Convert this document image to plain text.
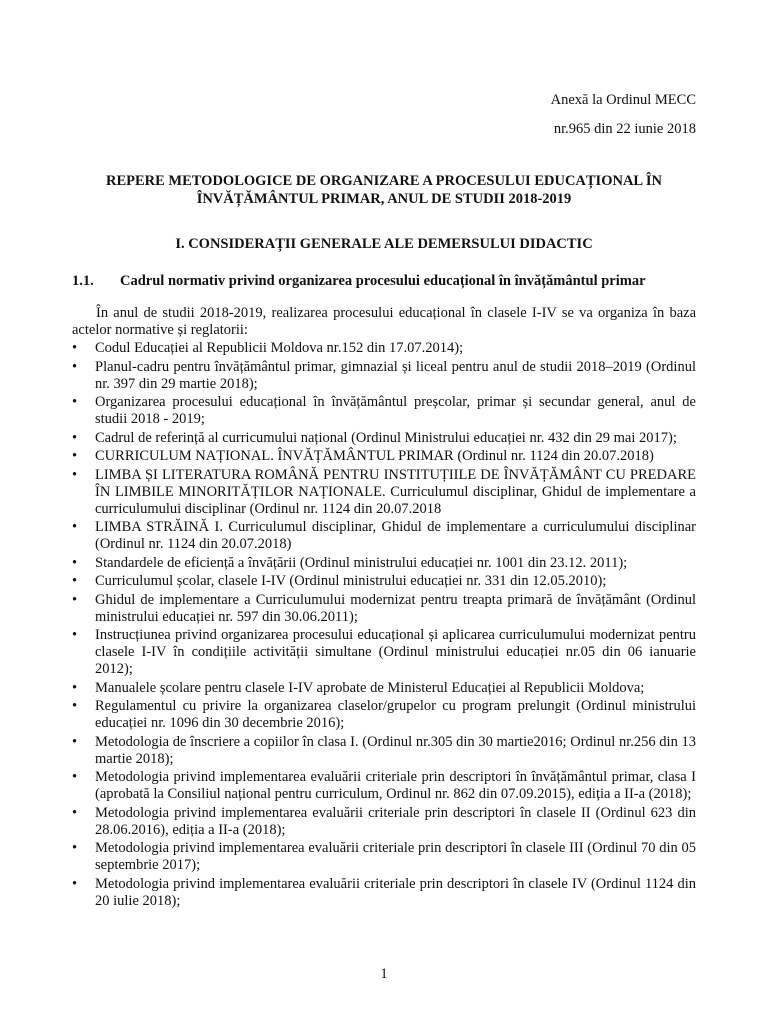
Anexă la Ordinul MECC
nr.965 din 22 iunie 2018
REPERE METODOLOGICE DE ORGANIZARE A PROCESULUI EDUCAȚIONAL ÎN ÎNVĂȚĂMÂNTUL PRIMAR, ANUL DE STUDII 2018-2019
I. CONSIDERAȚII GENERALE ALE DEMERSULUI DIDACTIC
1.1. Cadrul normativ privind organizarea procesului educațional în învățământul primar
În anul de studii 2018-2019, realizarea procesului educațional în clasele I-IV se va organiza în baza actelor normative și reglatorii:
• Codul Educației al Republicii Moldova nr.152 din 17.07.2014);
• Planul-cadru pentru învățământul primar, gimnazial și liceal pentru anul de studii 2018–2019 (Ordinul nr. 397 din 29 martie 2018);
• Organizarea procesului educațional în învățământul preșcolar, primar și secundar general, anul de studii 2018 - 2019;
• Cadrul de referință al curricumului național (Ordinul Ministrului educației nr. 432 din 29 mai 2017);
• CURRICULUM NAȚIONAL. ÎNVĂȚĂMÂNTUL PRIMAR (Ordinul nr. 1124 din 20.07.2018)
• LIMBA ȘI LITERATURA ROMÂNĂ PENTRU INSTITUȚIILE DE ÎNVĂȚĂMÂNT CU PREDARE ÎN LIMBILE MINORITĂȚILOR NAȚIONALE. Curriculumul disciplinar, Ghidul de implementare a curriculumului disciplinar (Ordinul nr. 1124 din 20.07.2018
• LIMBA STRĂINĂ I. Curriculumul disciplinar, Ghidul de implementare a curriculumului disciplinar (Ordinul nr. 1124 din 20.07.2018)
• Standardele de eficiență a învățării (Ordinul ministrului educației nr. 1001 din 23.12. 2011);
• Curriculumul școlar, clasele I-IV (Ordinul ministrului educației nr. 331 din 12.05.2010);
• Ghidul de implementare a Curriculumului modernizat pentru treapta primară de învățământ (Ordinul ministrului educației nr. 597 din 30.06.2011);
• Instrucțiunea privind organizarea procesului educațional și aplicarea curriculumului modernizat pentru clasele I-IV în condițiile activității simultane (Ordinul ministrului educației nr.05 din 06 ianuarie 2012);
• Manualele școlare pentru clasele I-IV aprobate de Ministerul Educației al Republicii Moldova;
• Regulamentul cu privire la organizarea claselor/grupelor cu program prelungit (Ordinul ministrului educației nr. 1096 din 30 decembrie 2016);
• Metodologia de înscriere a copiilor în clasa I. (Ordinul nr.305 din 30 martie2016; Ordinul nr.256 din 13 martie 2018);
• Metodologia privind implementarea evaluării criteriale prin descriptori în învățământul primar, clasa I (aprobată la Consiliul național pentru curriculum, Ordinul nr. 862 din 07.09.2015), ediția a II-a (2018);
• Metodologia privind implementarea evaluării criteriale prin descriptori în clasele II (Ordinul 623 din 28.06.2016), ediția a II-a (2018);
• Metodologia privind implementarea evaluării criteriale prin descriptori în clasele III (Ordinul 70 din 05 septembrie 2017);
• Metodologia privind implementarea evaluării criteriale prin descriptori în clasele IV (Ordinul 1124 din 20 iulie 2018);
1
